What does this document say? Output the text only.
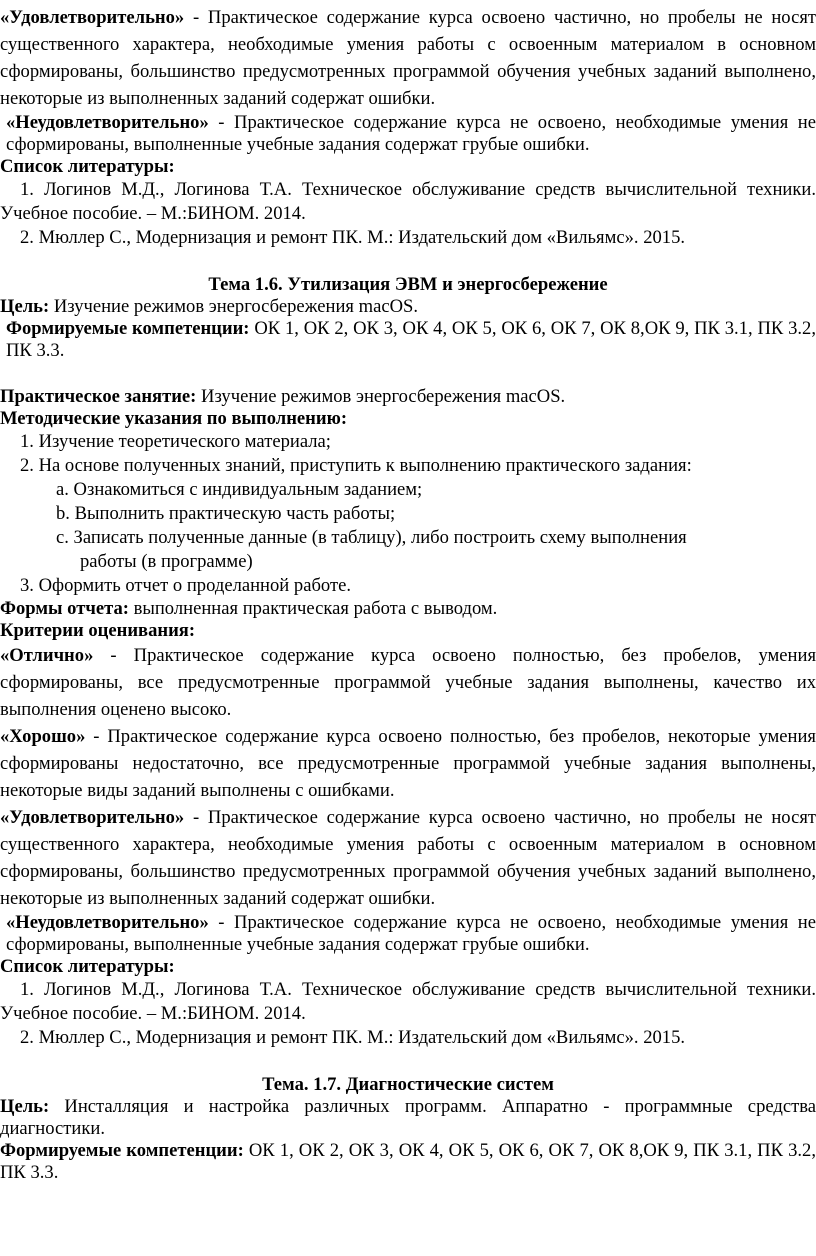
«Удовлетворительно» - Практическое содержание курса освоено частично, но пробелы не носят существенного характера, необходимые умения работы с освоенным материалом в основном сформированы, большинство предусмотренных программой обучения учебных заданий выполнено, некоторые из выполненных заданий содержат ошибки.

«Неудовлетворительно» - Практическое содержание курса не освоено, необходимые умения не сформированы, выполненные учебные задания содержат грубые ошибки.

Список литературы:

1. Логинов М.Д., Логинова Т.А. Техническое обслуживание средств вычислительной техники. Учебное пособие. – М.:БИНОМ. 2014.

2. Мюллер С., Модернизация и ремонт ПК. М.: Издательский дом «Вильямс». 2015.

Тема 1.6. Утилизация ЭВМ и энергосбережение

Цель: Изучение режимов энергосбережения macOS.

Формируемые компетенции: ОК 1, ОК 2, ОК 3, ОК 4, ОК 5, ОК 6, ОК 7, ОК 8,ОК 9, ПК 3.1, ПК 3.2, ПК 3.3.

Практическое занятие: Изучение режимов энергосбережения macOS.

Методические указания по выполнению:

1. Изучение теоретического материала;

2. На основе полученных знаний, приступить к выполнению практического задания:

a. Ознакомиться с индивидуальным заданием;

b. Выполнить практическую часть работы;

c. Записать полученные данные (в таблицу), либо построить схему выполнения

работы (в программе)

3. Оформить отчет о проделанной работе.

Формы отчета: выполненная практическая работа с выводом.

Критерии оценивания:

«Отлично» - Практическое содержание курса освоено полностью, без пробелов, умения сформированы, все предусмотренные программой учебные задания выполнены, качество их выполнения оценено высоко.

«Хорошо» - Практическое содержание курса освоено полностью, без пробелов, некоторые умения сформированы недостаточно, все предусмотренные программой учебные задания выполнены, некоторые виды заданий выполнены с ошибками.

«Удовлетворительно» - Практическое содержание курса освоено частично, но пробелы не носят существенного характера, необходимые умения работы с освоенным материалом в основном сформированы, большинство предусмотренных программой обучения учебных заданий выполнено, некоторые из выполненных заданий содержат ошибки.

«Неудовлетворительно» - Практическое содержание курса не освоено, необходимые умения не сформированы, выполненные учебные задания содержат грубые ошибки.

Список литературы:

1. Логинов М.Д., Логинова Т.А. Техническое обслуживание средств вычислительной техники. Учебное пособие. – М.:БИНОМ. 2014.

2. Мюллер С., Модернизация и ремонт ПК. М.: Издательский дом «Вильямс». 2015.

Тема. 1.7. Диагностические систем

Цель: Инсталляция и настройка различных программ. Аппаратно - программные средства диагностики.

Формируемые компетенции: ОК 1, ОК 2, ОК 3, ОК 4, ОК 5, ОК 6, ОК 7, ОК 8,ОК 9, ПК 3.1, ПК 3.2, ПК 3.3.
